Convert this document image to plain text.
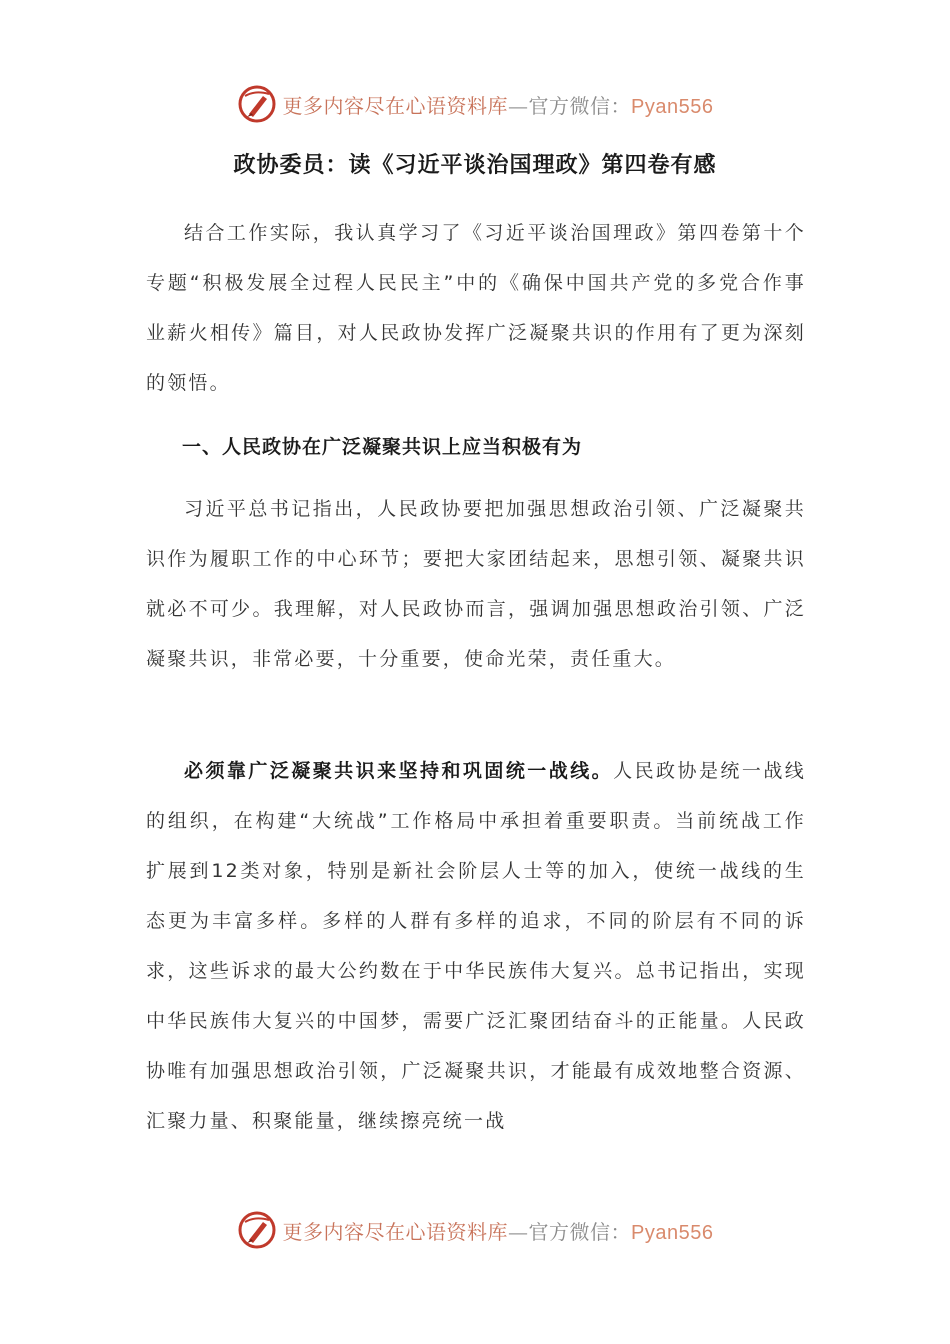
更多内容尽在心语资料库—官方微信：Pyan556
政协委员：读《习近平谈治国理政》第四卷有感

结合工作实际，我认真学习了《习近平谈治国理政》第四卷第十个专题“积极发展全过程人民民主”中的《确保中国共产党的多党合作事业薪火相传》篇目，对人民政协发挥广泛凝聚共识的作用有了更为深刻的领悟。

一、人民政协在广泛凝聚共识上应当积极有为

习近平总书记指出，人民政协要把加强思想政治引领、广泛凝聚共识作为履职工作的中心环节；要把大家团结起来，思想引领、凝聚共识就必不可少。我理解，对人民政协而言，强调加强思想政治引领、广泛凝聚共识，非常必要，十分重要，使命光荣，责任重大。

必须靠广泛凝聚共识来坚持和巩固统一战线。人民政协是统一战线的组织，在构建“大统战”工作格局中承担着重要职责。当前统战工作扩展到12类对象，特别是新社会阶层人士等的加入，使统一战线的生态更为丰富多样。多样的人群有多样的追求，不同的阶层有不同的诉求，这些诉求的最大公约数在于中华民族伟大复兴。总书记指出，实现中华民族伟大复兴的中国梦，需要广泛汇聚团结奋斗的正能量。人民政协唯有加强思想政治引领，广泛凝聚共识，才能最有成效地整合资源、汇聚力量、积聚能量，继续擦亮统一战

更多内容尽在心语资料库—官方微信：Pyan556
